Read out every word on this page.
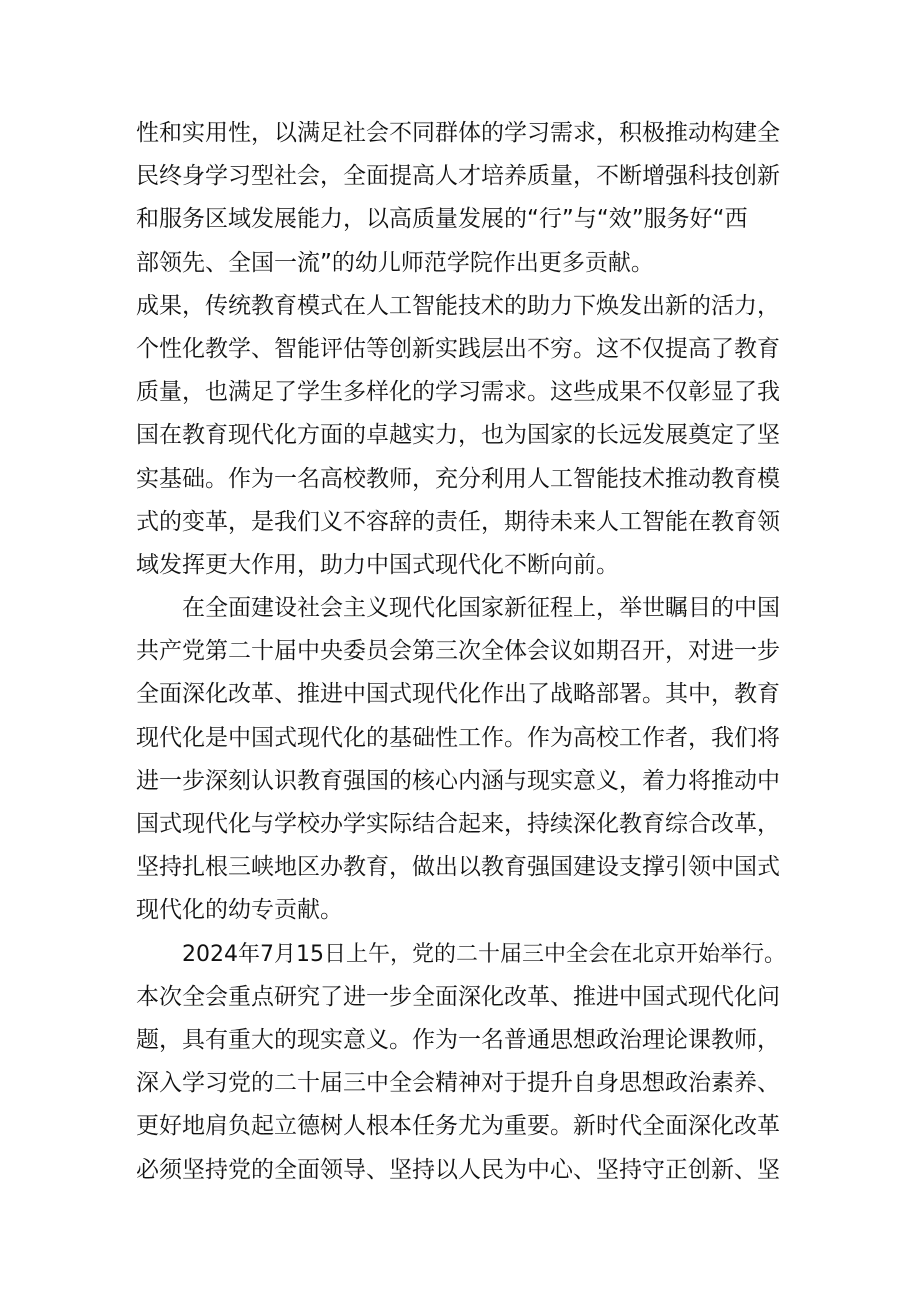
性和实用性，以满足社会不同群体的学习需求，积极推动构建全
民终身学习型社会，全面提高人才培养质量，不断增强科技创新
和服务区域发展能力，以高质量发展的“行”与“效”服务好“西
部领先、全国一流”的幼儿师范学院作出更多贡献。
成果，传统教育模式在人工智能技术的助力下焕发出新的活力，
个性化教学、智能评估等创新实践层出不穷。这不仅提高了教育
质量，也满足了学生多样化的学习需求。这些成果不仅彰显了我
国在教育现代化方面的卓越实力，也为国家的长远发展奠定了坚
实基础。作为一名高校教师，充分利用人工智能技术推动教育模
式的变革，是我们义不容辞的责任，期待未来人工智能在教育领
域发挥更大作用，助力中国式现代化不断向前。
在全面建设社会主义现代化国家新征程上，举世瞩目的中国
共产党第二十届中央委员会第三次全体会议如期召开，对进一步
全面深化改革、推进中国式现代化作出了战略部署。其中，教育
现代化是中国式现代化的基础性工作。作为高校工作者，我们将
进一步深刻认识教育强国的核心内涵与现实意义，着力将推动中
国式现代化与学校办学实际结合起来，持续深化教育综合改革，
坚持扎根三峡地区办教育，做出以教育强国建设支撑引领中国式
现代化的幼专贡献。
2024年7月15日上午，党的二十届三中全会在北京开始举行。
本次全会重点研究了进一步全面深化改革、推进中国式现代化问
题，具有重大的现实意义。作为一名普通思想政治理论课教师，
深入学习党的二十届三中全会精神对于提升自身思想政治素养、
更好地肩负起立德树人根本任务尤为重要。新时代全面深化改革
必须坚持党的全面领导、坚持以人民为中心、坚持守正创新、坚
